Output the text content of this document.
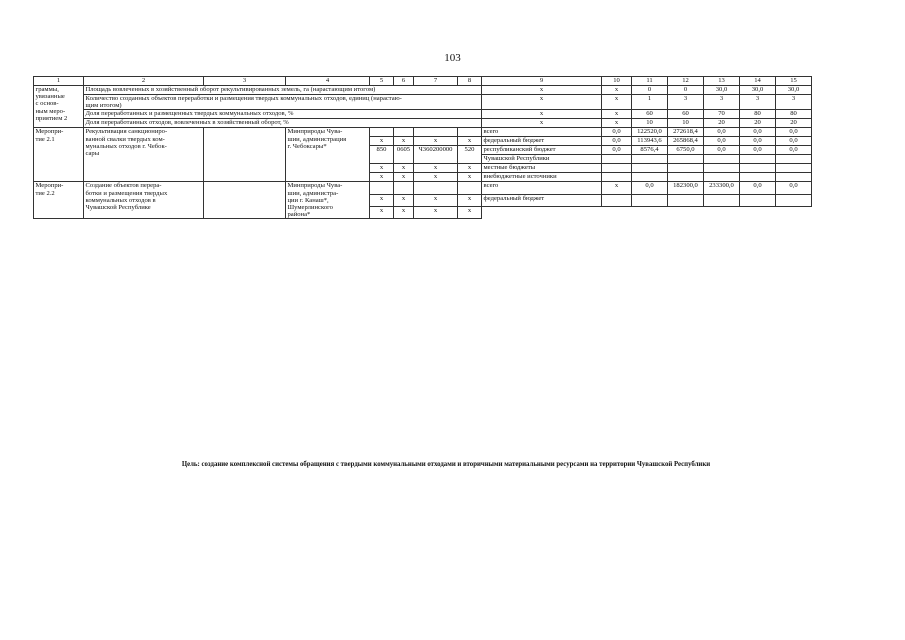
103
1	2	3	4	5	6	7	8	9	10	11	12	13	14	15
граммы,
увязанные
с основ-
ным меро-
приятием 2	Площадь вовлеченных в хозяйственный оборот рекультивированных земель, га (нарастающим итогом)							x	x	0	0	30,0	30,0	30,0
	Количество созданных объектов переработки и размещения твердых коммунальных отходов, единиц (нарастаю-
щим итогом)							x	x	1	3	3	3	3
	Доля переработанных и размещенных твердых коммунальных отходов, %							x	x	60	60	70	80	80
	Доля переработанных отходов, вовлеченных в хозяйственный оборот, %							x	x	10	10	20	20	20
Меропри-
тие 2.1	Рекультивация санкциониро-
ванной свалки твердых ком-
мунальных отходов г. Чебок-
сары		Минприроды Чува-
шии, администрация
г. Чебоксары*					всего	0,0	122520,0	272618,4	0,0	0,0	0,0
				x	x	x	x	федеральный бюджет	0,0	113943,6	265868,4	0,0	0,0	0,0
				850	0605	Ч360200000	520	республиканский бюджет	0,0	8576,4	6750,0	0,0	0,0	0,0
								Чувашской Республики						
				x	x	x	x	местные бюджеты						
				x	x	x	x	внебюджетные источники						
Меропри-
тие 2.2	Создание объектов перера-
ботки и размещения твердых
коммунальных отходов в
Чувашской Республике		Минприроды Чува-
шии, администра-
ции г. Канаш*,
Шумерлинского
района*					всего	x	0,0	182300,0	233300,0	0,0	0,0
				x	x	x	x	федеральный бюджет						
				x	x	x	x							
Цель: создание комплексной системы обращения с твердыми коммунальными отходами и вторичными материальными ресурсами на территории Чувашской Республики
